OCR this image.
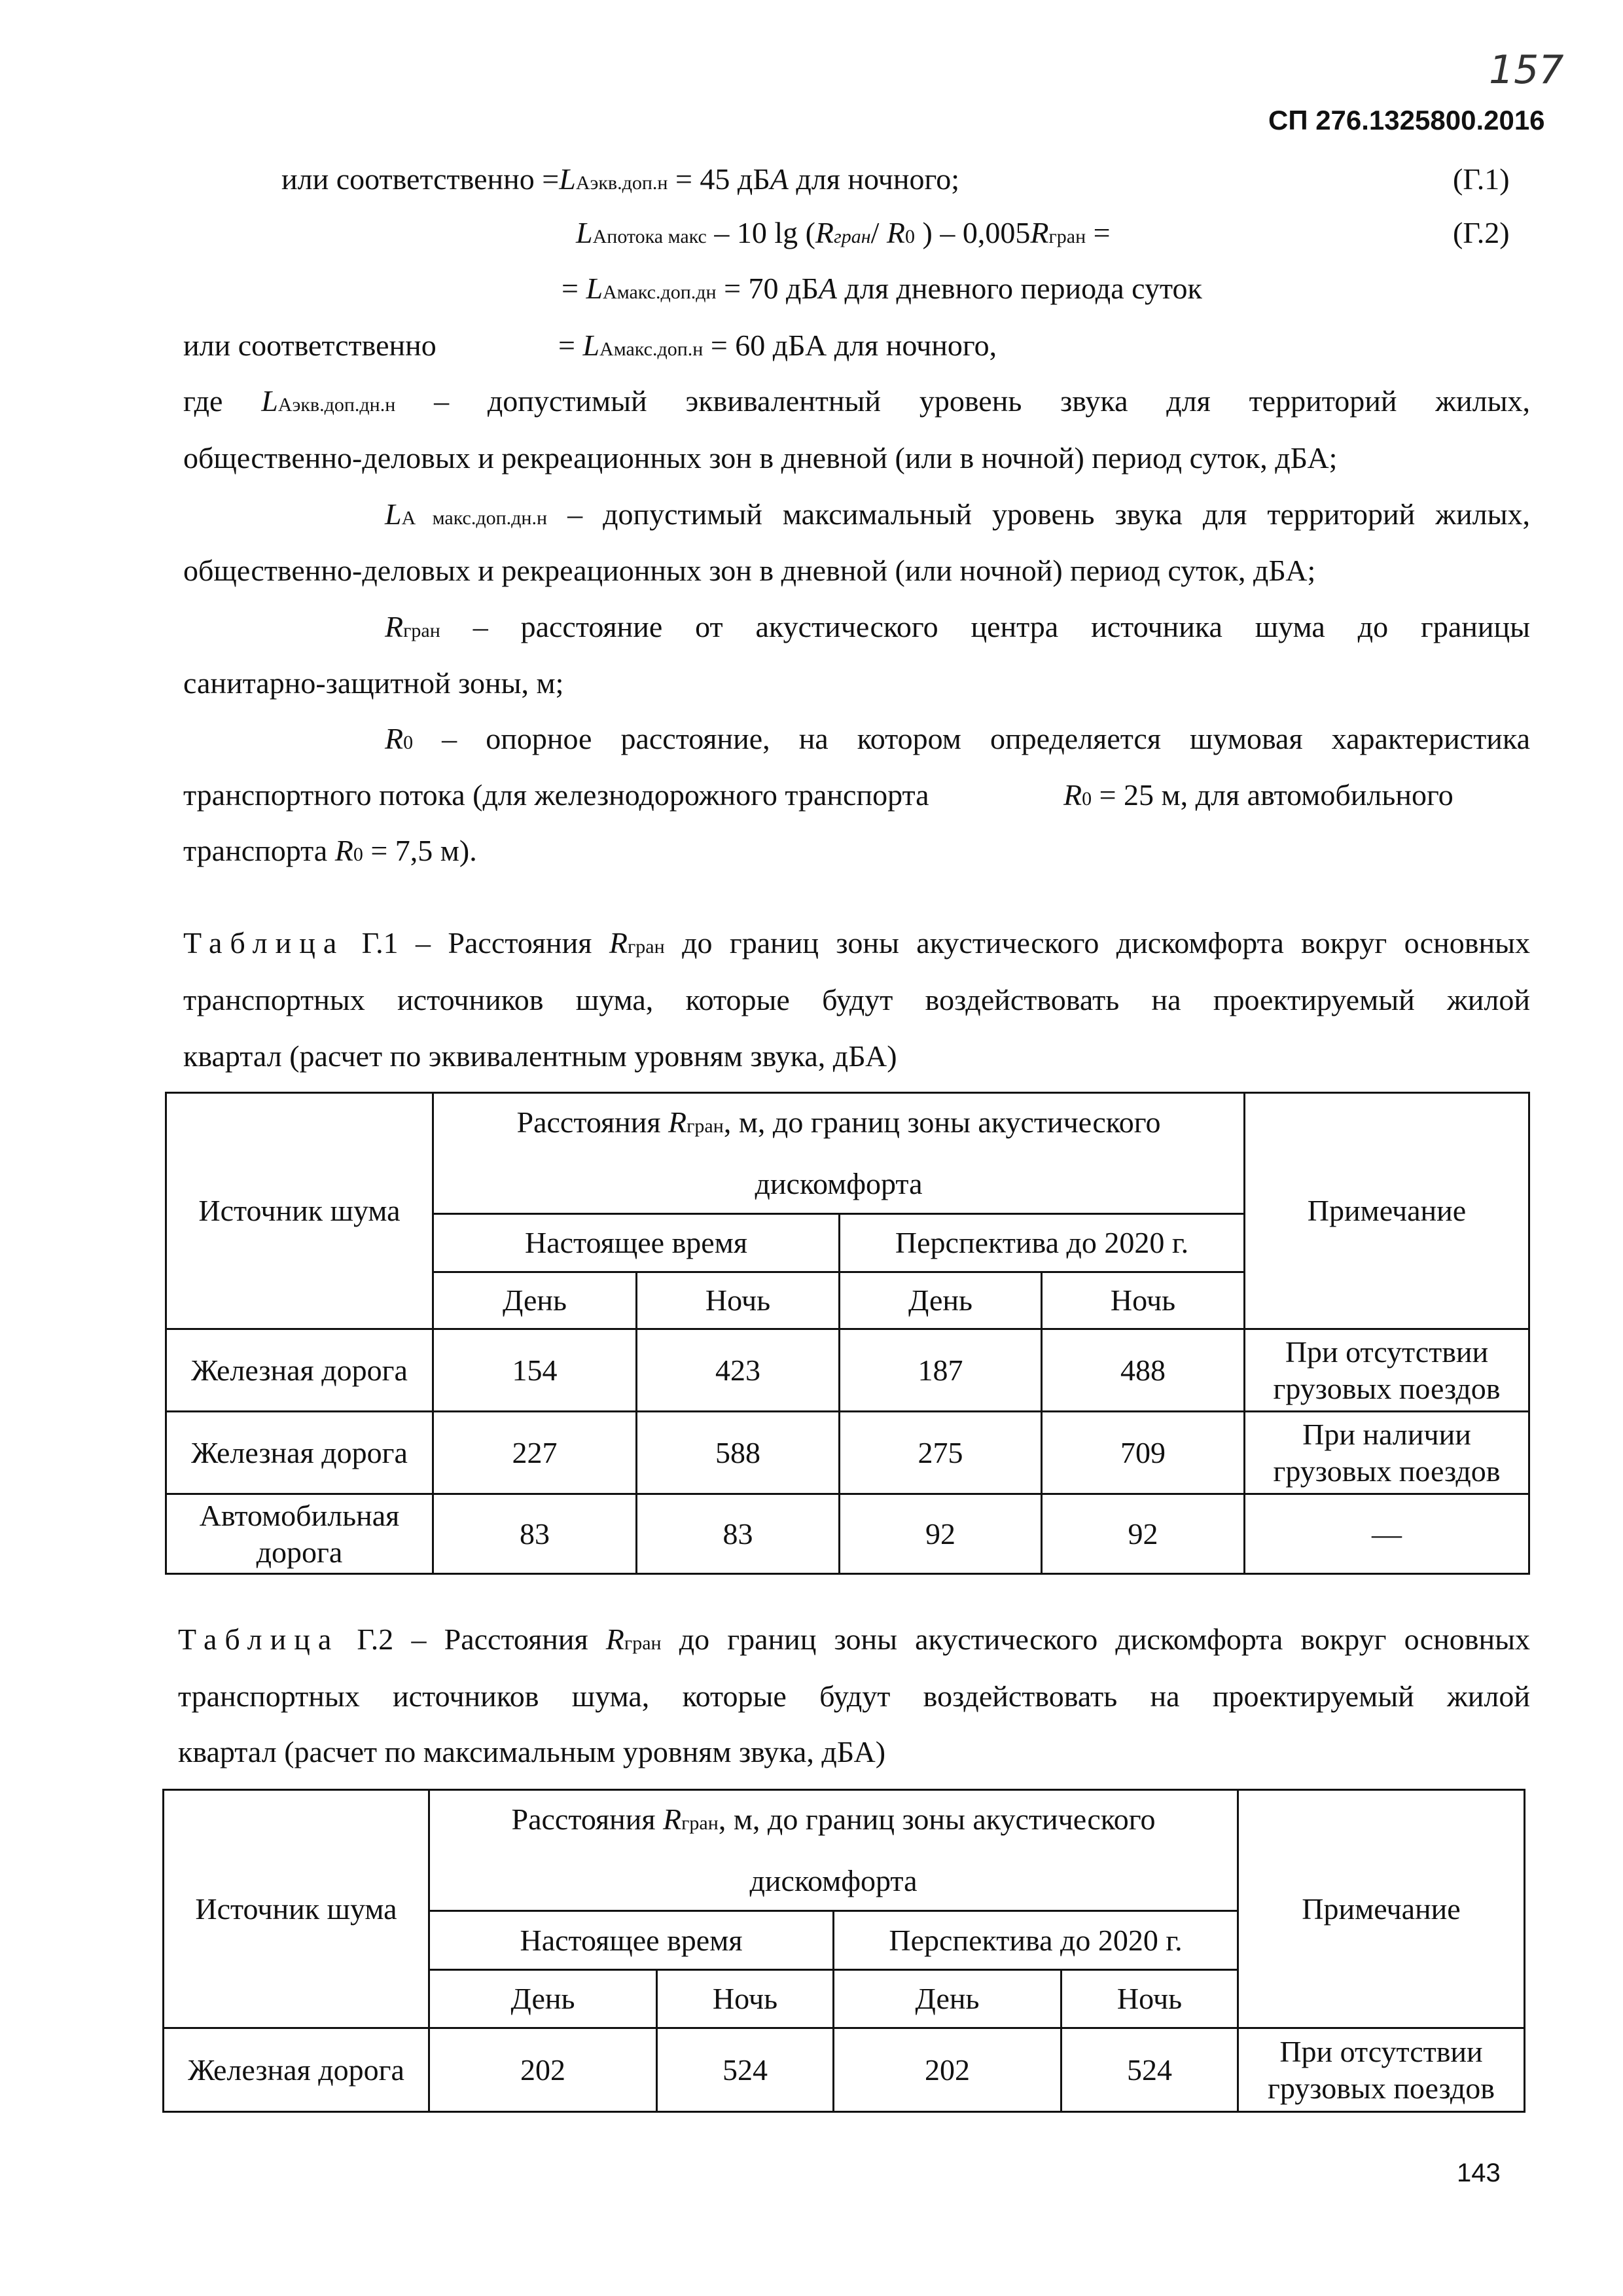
157
СП 276.1325800.2016
или соответственно =LAэкв.доп.н = 45 дБА для ночного;	(Г.1)
LAпотока макс – 10 lg (Rгран/ R0 ) – 0,005Rгран =	(Г.2)
= LAмакс.доп.дн = 70 дБА для дневного периода суток
или соответственно	= LAмакс.доп.н = 60 дБА для ночного,
где LAэкв.доп.дн.н – допустимый эквивалентный уровень звука для территорий жилых,
общественно-деловых и рекреационных зон в дневной (или в ночной) период суток, дБА;
LA макс.доп.дн.н – допустимый максимальный уровень звука для территорий жилых,
общественно-деловых и рекреационных зон в дневной (или ночной) период суток, дБА;
Rгран – расстояние от акустического центра источника шума до границы
санитарно-защитной зоны, м;
R0 – опорное расстояние, на котором определяется шумовая характеристика
транспортного потока (для железнодорожного транспорта	R0 = 25 м, для автомобильного
транспорта R0 = 7,5 м).
Таблица Г.1 – Расстояния Rгран до границ зоны акустического дискомфорта вокруг основных
транспортных источников шума, которые будут воздействовать на проектируемый жилой
квартал (расчет по эквивалентным уровням звука, дБА)
Источник шума	Расстояния Rгран, м, до границ зоны акустического
дискомфорта				Примечание
	Настоящее время		Перспектива до 2020 г.		
	День	Ночь	День	Ночь	
Железная дорога	154	423	187	488	При отсутствии грузовых поездов
Железная дорога	227	588	275	709	При наличии грузовых поездов
Автомобильная дорога	83	83	92	92	—
Таблица Г.2 – Расстояния Rгран до границ зоны акустического дискомфорта вокруг основных
транспортных источников шума, которые будут воздействовать на проектируемый жилой
квартал (расчет по максимальным уровням звука, дБА)
Источник шума	Расстояния Rгран, м, до границ зоны акустического
дискомфорта				Примечание
	Настоящее время		Перспектива до 2020 г.		
	День	Ночь	День	Ночь	
Железная дорога	202	524	202	524	При отсутствии грузовых поездов
143
